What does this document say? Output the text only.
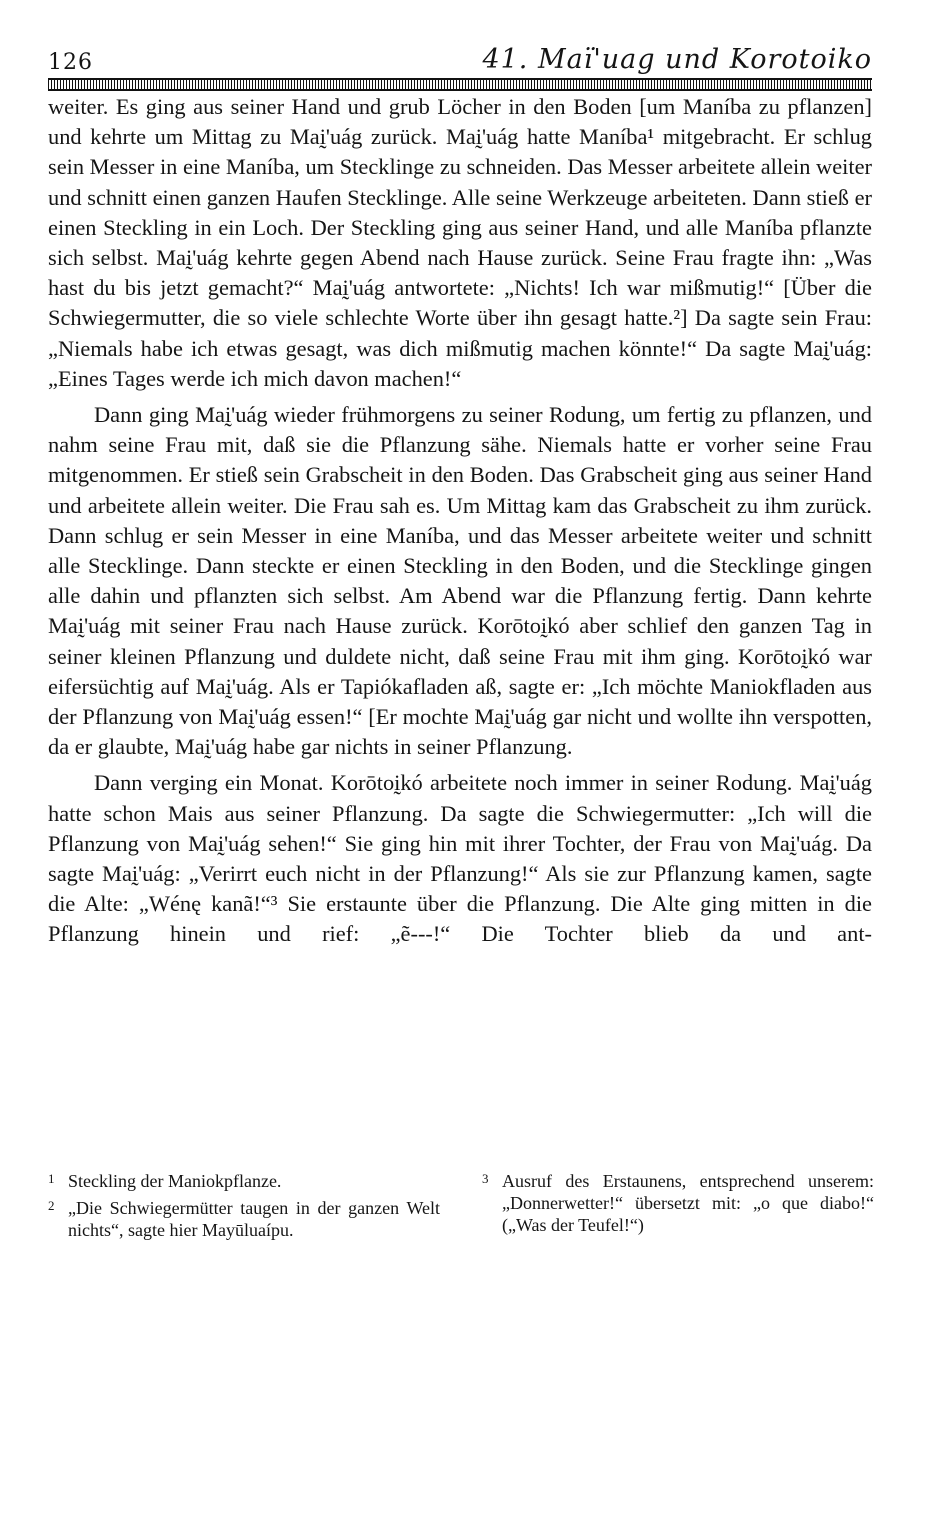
126	41. Maï'uag und Korotoiko

weiter. Es ging aus seiner Hand und grub Löcher in den Boden [um Maníba zu pflanzen] und kehrte um Mittag zu Maḭ'uág zurück. Maḭ'uág hatte Maníba¹ mitgebracht. Er schlug sein Messer in eine Maníba, um Stecklinge zu schneiden. Das Messer arbeitete allein weiter und schnitt einen ganzen Haufen Stecklinge. Alle seine Werkzeuge arbeiteten. Dann stieß er einen Steckling in ein Loch. Der Steckling ging aus seiner Hand, und alle Maníba pflanzte sich selbst. Maḭ'uág kehrte gegen Abend nach Hause zurück. Seine Frau fragte ihn: „Was hast du bis jetzt gemacht?“ Maḭ'uág antwortete: „Nichts! Ich war mißmutig!“ [Über die Schwiegermutter, die so viele schlechte Worte über ihn gesagt hatte.²] Da sagte sein Frau: „Niemals habe ich etwas gesagt, was dich mißmutig machen könnte!“ Da sagte Maḭ'uág: „Eines Tages werde ich mich davon machen!“

Dann ging Maḭ'uág wieder frühmorgens zu seiner Rodung, um fertig zu pflanzen, und nahm seine Frau mit, daß sie die Pflanzung sähe. Niemals hatte er vorher seine Frau mitgenommen. Er stieß sein Grabscheit in den Boden. Das Grabscheit ging aus seiner Hand und arbeitete allein weiter. Die Frau sah es. Um Mittag kam das Grabscheit zu ihm zurück. Dann schlug er sein Messer in eine Maníba, und das Messer arbeitete weiter und schnitt alle Stecklinge. Dann steckte er einen Steckling in den Boden, und die Stecklinge gingen alle dahin und pflanzten sich selbst. Am Abend war die Pflanzung fertig. Dann kehrte Maḭ'uág mit seiner Frau nach Hause zurück. Korōtoḭkó aber schlief den ganzen Tag in seiner kleinen Pflanzung und duldete nicht, daß seine Frau mit ihm ging. Korōtoḭkó war eifersüchtig auf Maḭ'uág. Als er Tapiókafladen aß, sagte er: „Ich möchte Maniokfladen aus der Pflanzung von Maḭ'uág essen!“ [Er mochte Maḭ'uág gar nicht und wollte ihn verspotten, da er glaubte, Maḭ'uág habe gar nichts in seiner Pflanzung.

Dann verging ein Monat. Korōtoḭkó arbeitete noch immer in seiner Rodung. Maḭ'uág hatte schon Mais aus seiner Pflanzung. Da sagte die Schwiegermutter: „Ich will die Pflanzung von Maḭ'uág sehen!“ Sie ging hin mit ihrer Tochter, der Frau von Maḭ'uág. Da sagte Maḭ'uág: „Verirrt euch nicht in der Pflanzung!“ Als sie zur Pflanzung kamen, sagte die Alte: „Wénę kanã!“³ Sie erstaunte über die Pflanzung. Die Alte ging mitten in die Pflanzung hinein und rief: „ẽ---!“ Die Tochter blieb da und ant-

1 Steckling der Maniokpflanze.

2 „Die Schwiegermütter taugen in der ganzen Welt nichts“, sagte hier Mayūluaípu.

3 Ausruf des Erstaunens, entsprechend unserem: „Donnerwetter!“ übersetzt mit: „o que diabo!“ („Was der Teufel!“)
